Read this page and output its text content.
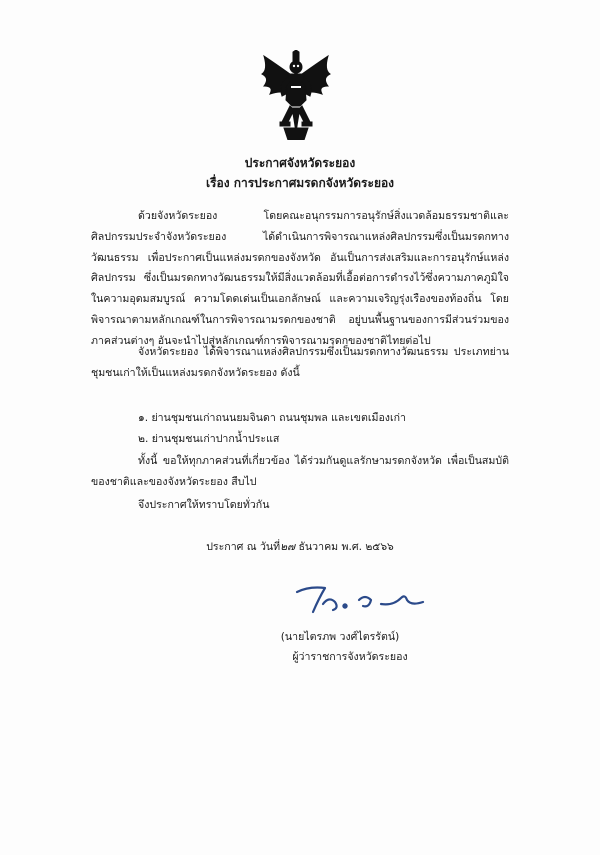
ประกาศจังหวัดระยอง
เรื่อง การประกาศมรดกจังหวัดระยอง

ด้วยจังหวัดระยอง โดยคณะอนุกรรมการอนุรักษ์สิ่งแวดล้อมธรรมชาติและศิลปกรรมประจำจังหวัดระยอง ได้ดำเนินการพิจารณาแหล่งศิลปกรรมซึ่งเป็นมรดกทางวัฒนธรรม เพื่อประกาศเป็นแหล่งมรดกของจังหวัด อันเป็นการส่งเสริมและการอนุรักษ์แหล่งศิลปกรรม ซึ่งเป็นมรดกทางวัฒนธรรมให้มีสิ่งแวดล้อมที่เอื้อต่อการดำรงไว้ซึ่งความภาคภูมิใจในความอุดมสมบูรณ์ ความโดดเด่นเป็นเอกลักษณ์ และความเจริญรุ่งเรืองของท้องถิ่น โดยพิจารณาตามหลักเกณฑ์ในการพิจารณามรดกของชาติ อยู่บนพื้นฐานของการมีส่วนร่วมของภาคส่วนต่างๆ อันจะนำไปสู่หลักเกณฑ์การพิจารณามรดกของชาติไทยต่อไป

จังหวัดระยอง ได้พิจารณาแหล่งศิลปกรรมซึ่งเป็นมรดกทางวัฒนธรรม ประเภทย่านชุมชนเก่าให้เป็นแหล่งมรดกจังหวัดระยอง ดังนี้

๑. ย่านชุมชนเก่าถนนยมจินดา ถนนชุมพล และเขตเมืองเก่า
๒. ย่านชุมชนเก่าปากน้ำประแส

ทั้งนี้ ขอให้ทุกภาคส่วนที่เกี่ยวข้อง ได้ร่วมกันดูแลรักษามรดกจังหวัด เพื่อเป็นสมบัติของชาติและของจังหวัดระยอง สืบไป

จึงประกาศให้ทราบโดยทั่วกัน
ประกาศ ณ วันที่๒๗ ธันวาคม พ.ศ. ๒๕๖๖
(นายไตรภพ วงศ์ไตรรัตน์)
ผู้ว่าราชการจังหวัดระยอง
